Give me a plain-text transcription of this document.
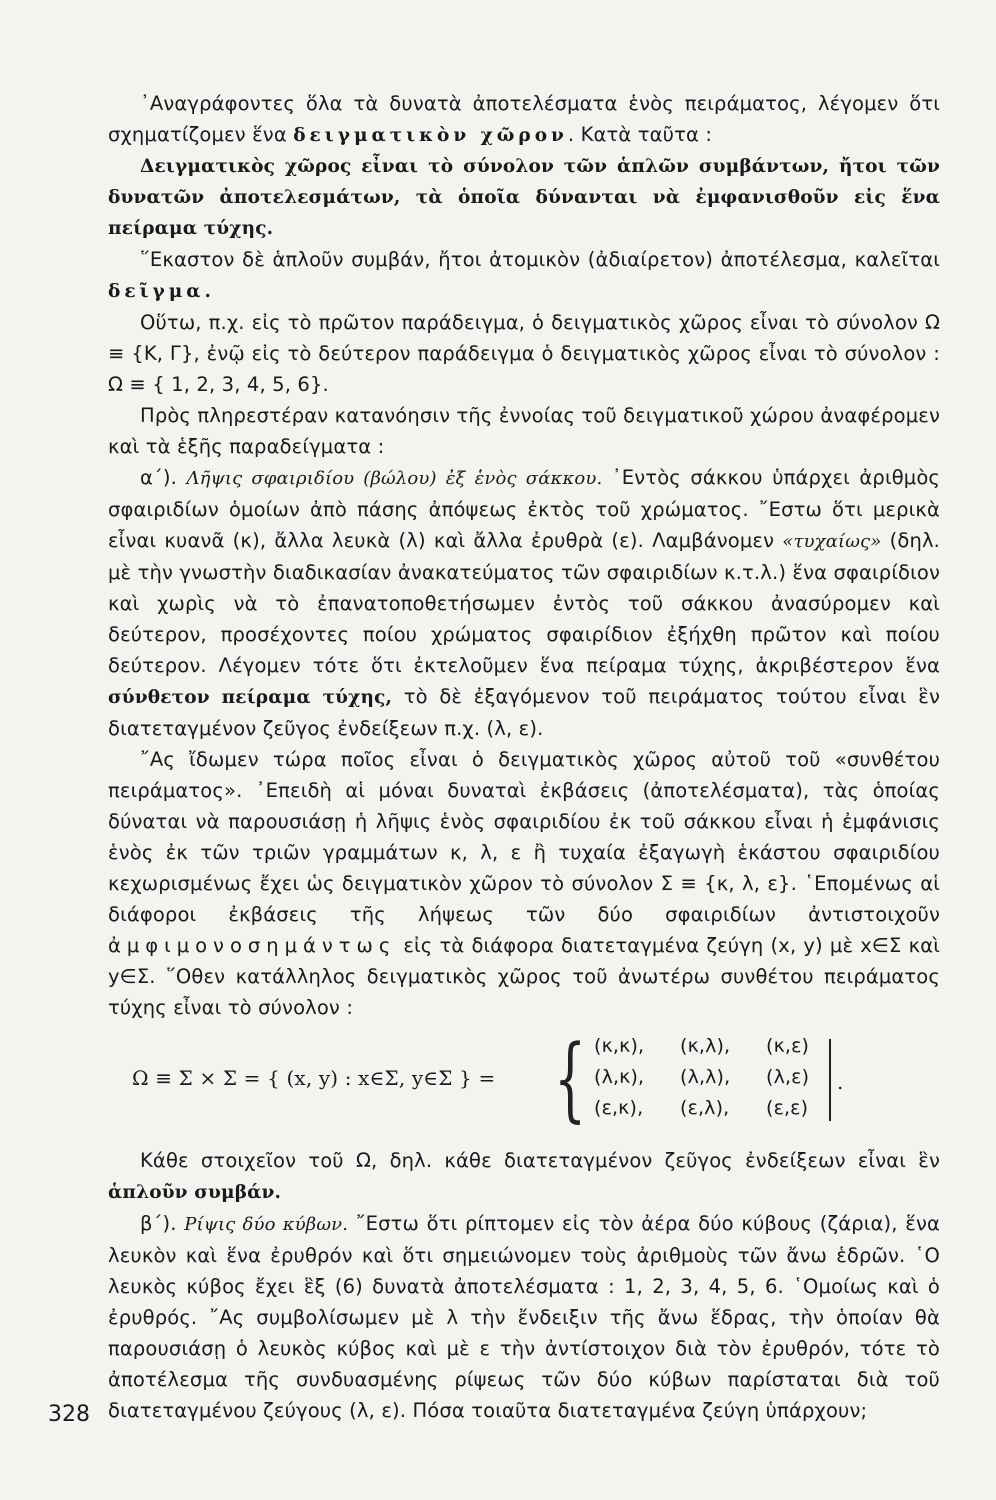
᾽Αναγράφοντες ὅλα τὰ δυνατὰ ἀποτελέσματα ἑνὸς πειράματος, λέγομεν ὅτι σχηματίζομεν ἕνα δειγματικὸν χῶρον. Κατὰ ταῦτα :

Δειγματικὸς χῶρος εἶναι τὸ σύνολον τῶν ἁπλῶν συμβάντων, ἤτοι τῶν δυνατῶν ἀποτελεσμάτων, τὰ ὁποῖα δύνανται νὰ ἐμφανισθοῦν εἰς ἕνα πείραμα τύχης.

῞Εκαστον δὲ ἁπλοῦν συμβάν, ἤτοι ἀτομικὸν (ἀδιαίρετον) ἀποτέλεσμα, καλεῖται δεῖγμα.

Οὕτω, π.χ. εἰς τὸ πρῶτον παράδειγμα, ὁ δειγματικὸς χῶρος εἶναι τὸ σύνολον Ω ≡ {Κ, Γ}, ἐνῷ εἰς τὸ δεύτερον παράδειγμα ὁ δειγματικὸς χῶρος εἶναι τὸ σύνολον : Ω ≡ { 1, 2, 3, 4, 5, 6}.

Πρὸς πληρεστέραν κατανόησιν τῆς ἐννοίας τοῦ δειγματικοῦ χώρου ἀναφέρομεν καὶ τὰ ἑξῆς παραδείγματα :

α΄). Λῆψις σφαιριδίου (βώλου) ἐξ ἑνὸς σάκκου. ᾽Εντὸς σάκκου ὑπάρχει ἀριθμὸς σφαιριδίων ὁμοίων ἀπὸ πάσης ἀπόψεως ἐκτὸς τοῦ χρώματος. ῎Εστω ὅτι μερικὰ εἶναι κυανᾶ (κ), ἄλλα λευκὰ (λ) καὶ ἄλλα ἐρυθρὰ (ε). Λαμβάνομεν «τυχαίως» (δηλ. μὲ τὴν γνωστὴν διαδικασίαν ἀνακατεύματος τῶν σφαιριδίων κ.τ.λ.) ἕνα σφαιρίδιον καὶ χωρὶς νὰ τὸ ἐπανατοποθετήσωμεν ἐντὸς τοῦ σάκκου ἀνασύρομεν καὶ δεύτερον, προσέχοντες ποίου χρώματος σφαιρίδιον ἐξήχθη πρῶτον καὶ ποίου δεύτερον. Λέγομεν τότε ὅτι ἐκτελοῦμεν ἕνα πείραμα τύχης, ἀκριβέστερον ἕνα σύνθετον πείραμα τύχης, τὸ δὲ ἐξαγόμενον τοῦ πειράματος τούτου εἶναι ἓν διατεταγμένον ζεῦγος ἐνδείξεων π.χ. (λ, ε).

῎Ας ἴδωμεν τώρα ποῖος εἶναι ὁ δειγματικὸς χῶρος αὐτοῦ τοῦ «συνθέτου πειράματος». ᾽Επειδὴ αἱ μόναι δυναταὶ ἐκβάσεις (ἀποτελέσματα), τὰς ὁποίας δύναται νὰ παρουσιάσῃ ἡ λῆψις ἑνὸς σφαιριδίου ἐκ τοῦ σάκκου εἶναι ἡ ἐμφάνισις ἑνὸς ἐκ τῶν τριῶν γραμμάτων κ, λ, ε ἢ τυχαία ἐξαγωγὴ ἑκάστου σφαιριδίου κεχωρισμένως ἔχει ὡς δειγματικὸν χῶρον τὸ σύνολον Σ ≡ {κ, λ, ε}. ῾Επομένως αἱ διάφοροι ἐκβάσεις τῆς λήψεως τῶν δύο σφαιριδίων ἀντιστοιχοῦν ἀμφιμονοσημάντως εἰς τὰ διάφορα διατεταγμένα ζεύγη (x, y) μὲ x∈Σ καὶ y∈Σ. ῞Οθεν κατάλληλος δειγματικὸς χῶρος τοῦ ἀνωτέρω συνθέτου πειράματος τύχης εἶναι τὸ σύνολον :

Ω ≡ Σ × Σ = { (x, y) : x∈Σ, y∈Σ } = { (κ,κ),	(κ,λ),	(κ,ε)
(λ,κ),	(λ,λ),	(λ,ε)
(ε,κ),	(ε,λ),	(ε,ε)
.

Κάθε στοιχεῖον τοῦ Ω, δηλ. κάθε διατεταγμένον ζεῦγος ἐνδείξεων εἶναι ἓν ἁπλοῦν συμβάν.

β΄). Ρίψις δύο κύβων. ῎Εστω ὅτι ρίπτομεν εἰς τὸν ἀέρα δύο κύβους (ζάρια), ἕνα λευκὸν καὶ ἕνα ἐρυθρόν καὶ ὅτι σημειώνομεν τοὺς ἀριθμοὺς τῶν ἄνω ἑδρῶν. ῾Ο λευκὸς κύβος ἔχει ἓξ (6) δυνατὰ ἀποτελέσματα : 1, 2, 3, 4, 5, 6. ῾Ομοίως καὶ ὁ ἐρυθρός. ῎Ας συμβολίσωμεν μὲ λ τὴν ἔνδειξιν τῆς ἄνω ἕδρας, τὴν ὁποίαν θὰ παρουσιάσῃ ὁ λευκὸς κύβος καὶ μὲ ε τὴν ἀντίστοιχον διὰ τὸν ἐρυθρόν, τότε τὸ ἀποτέλεσμα τῆς συνδυασμένης ρίψεως τῶν δύο κύβων παρίσταται διὰ τοῦ διατεταγμένου ζεύγους (λ, ε). Πόσα τοιαῦτα διατεταγμένα ζεύγη ὑπάρχουν;

328
